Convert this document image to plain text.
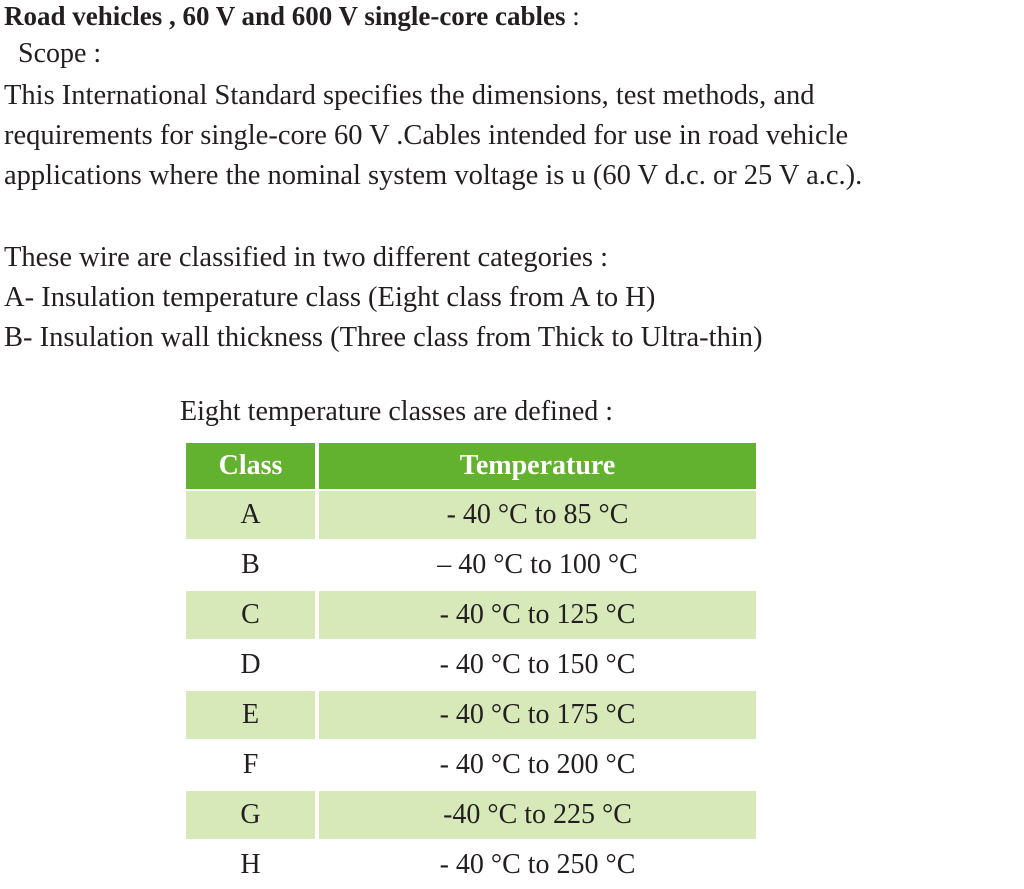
Road vehicles , 60 V and 600 V single-core cables :
Scope :
This International Standard specifies the dimensions, test methods, and
requirements for single-core 60 V .Cables intended for use in road vehicle
applications where the nominal system voltage is u (60 V d.c. or 25 V a.c.).
These wire are classified in two different categories :
A- Insulation temperature class (Eight class from A to H)
B- Insulation wall thickness (Three class from Thick to Ultra-thin)
Eight temperature classes are defined :
Class	Temperature
A	- 40 °C to 85 °C
B	– 40 °C to 100 °C
C	- 40 °C to 125 °C
D	- 40 °C to 150 °C
E	- 40 °C to 175 °C
F	- 40 °C to 200 °C
G	-40 °C to 225 °C
H	- 40 °C to 250 °C
